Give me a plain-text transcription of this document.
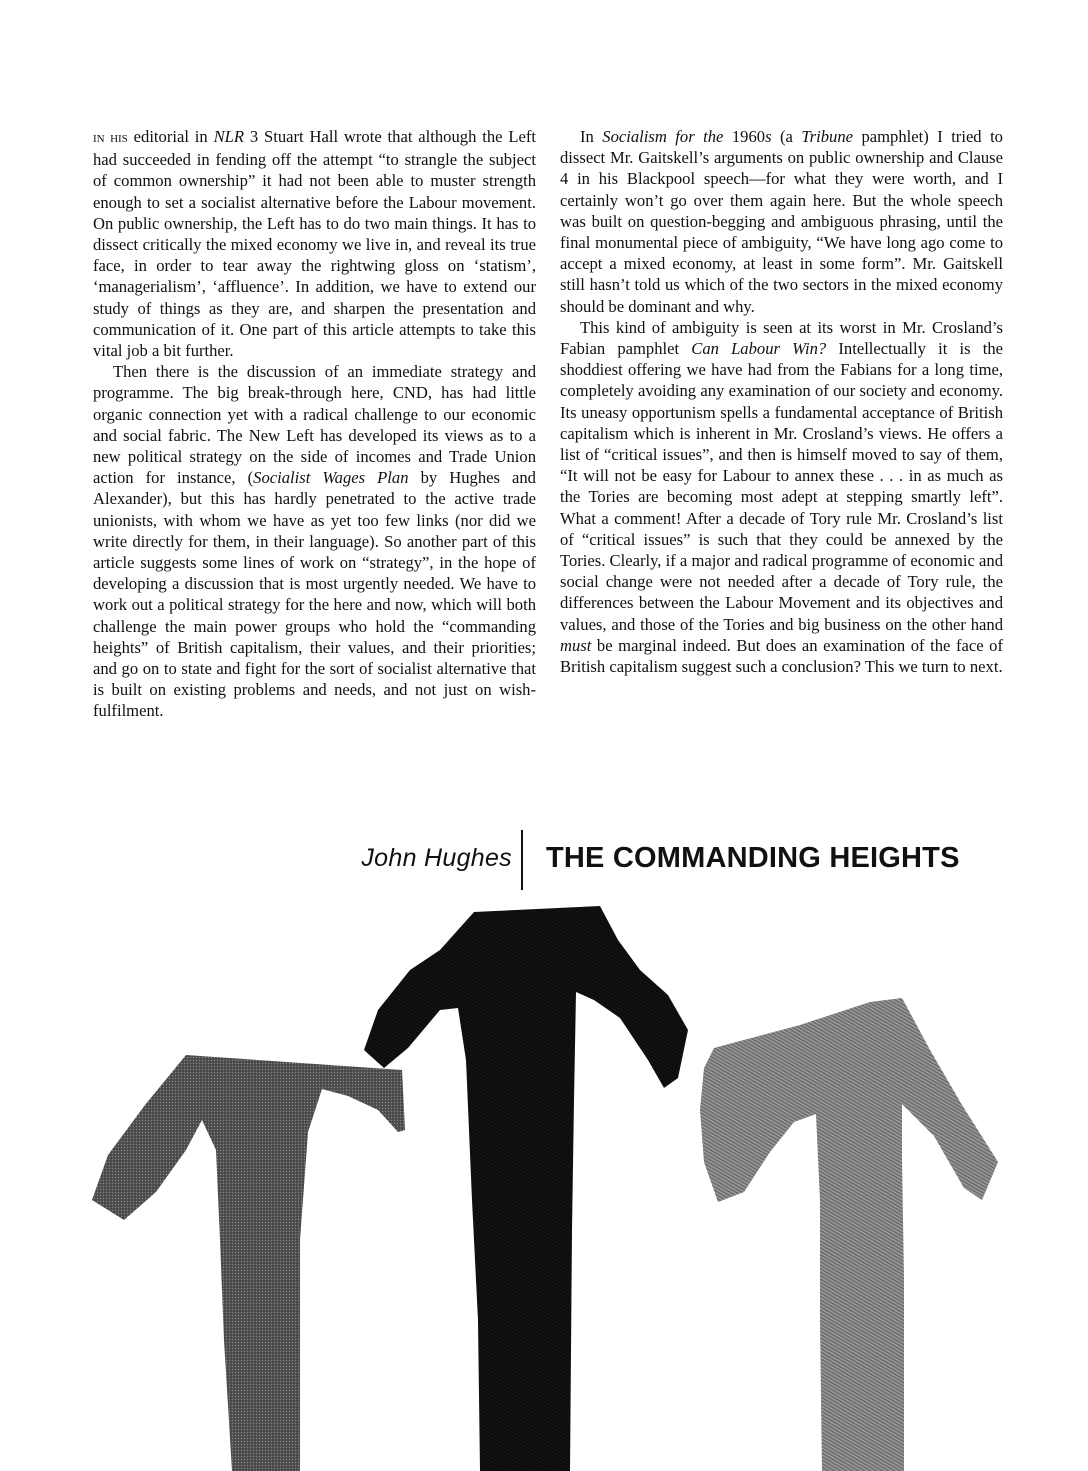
in his editorial in NLR 3 Stuart Hall wrote that although the Left had succeeded in fending off the attempt “to strangle the subject of common ownership” it had not been able to muster strength enough to set a socialist alternative before the Labour movement. On public ownership, the Left has to do two main things. It has to dissect critically the mixed economy we live in, and reveal its true face, in order to tear away the rightwing gloss on ‘statism’, ‘managerialism’, ‘affluence’. In addition, we have to extend our study of things as they are, and sharpen the presentation and communication of it. One part of this article attempts to take this vital job a bit further.

Then there is the discussion of an immediate strategy and programme. The big break-through here, CND, has had little organic connection yet with a radical challenge to our economic and social fabric. The New Left has developed its views as to a new political strategy on the side of incomes and Trade Union action for instance, (Socialist Wages Plan by Hughes and Alexander), but this has hardly penetrated to the active trade unionists, with whom we have as yet too few links (nor did we write directly for them, in their language). So another part of this article suggests some lines of work on “strategy”, in the hope of developing a discussion that is most urgently needed. We have to work out a political strategy for the here and now, which will both challenge the main power groups who hold the “commanding heights” of British capitalism, their values, and their priorities; and go on to state and fight for the sort of socialist alternative that is built on existing problems and needs, and not just on wishfulfilment.

In Socialism for the 1960s (a Tribune pamphlet) I tried to dissect Mr. Gaitskell’s arguments on public ownership and Clause 4 in his Blackpool speech—for what they were worth, and I certainly won’t go over them again here. But the whole speech was built on question-begging and ambiguous phrasing, until the final monumental piece of ambiguity, “We have long ago come to accept a mixed economy, at least in some form”. Mr. Gaitskell still hasn’t told us which of the two sectors in the mixed economy should be dominant and why.

This kind of ambiguity is seen at its worst in Mr. Crosland’s Fabian pamphlet Can Labour Win? Intellectually it is the shoddiest offering we have had from the Fabians for a long time, completely avoiding any examination of our society and economy. Its uneasy opportunism spells a fundamental acceptance of British capitalism which is inherent in Mr. Crosland’s views. He offers a list of “critical issues”, and then is himself moved to say of them, “It will not be easy for Labour to annex these . . . in as much as the Tories are becoming most adept at stepping smartly left”. What a comment! After a decade of Tory rule Mr. Crosland’s list of “critical issues” is such that they could be annexed by the Tories. Clearly, if a major and radical programme of economic and social change were not needed after a decade of Tory rule, the differences between the Labour Movement and its objectives and values, and those of the Tories and big business on the other hand must be marginal indeed. But does an examination of the face of British capitalism suggest such a conclusion? This we turn to next.

John Hughes THE COMMANDING HEIGHTS
